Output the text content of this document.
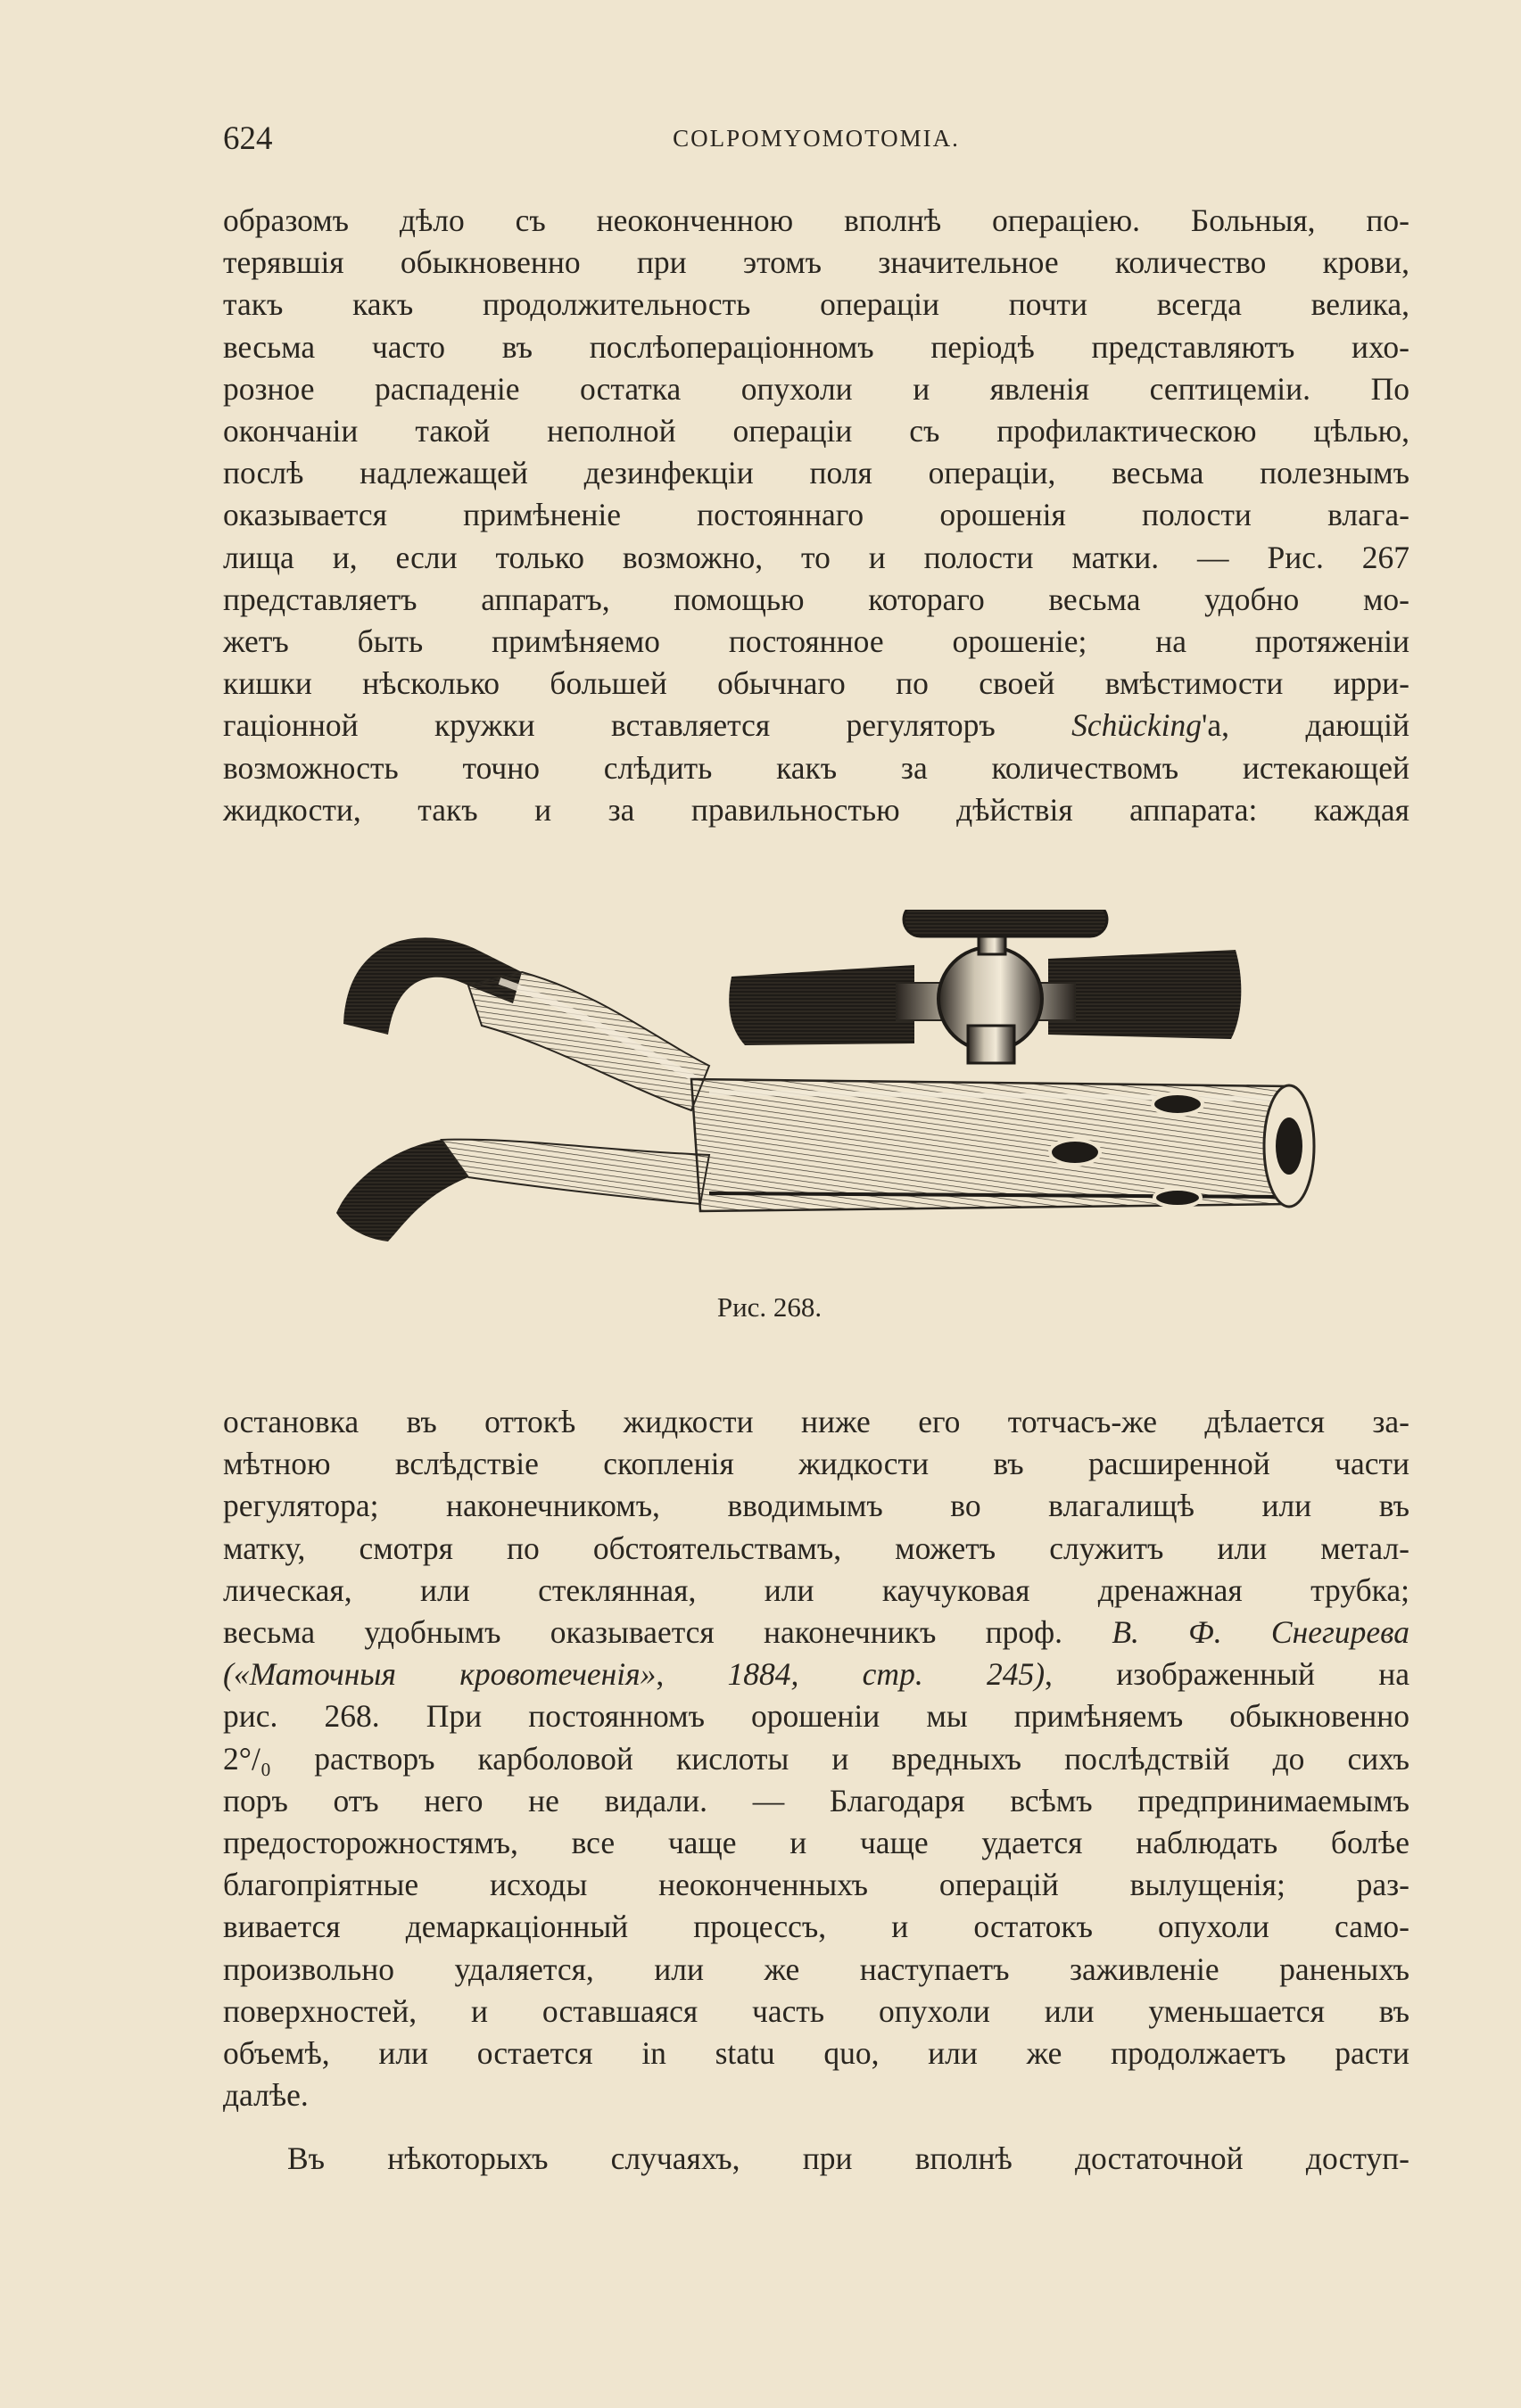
624	COLPOMYOMOTOMIA.

образомъ дѣло съ неоконченною вполнѣ операціею. Больныя, по-
терявшія обыкновенно при этомъ значительное количество крови,
такъ какъ продолжительность операціи почти всегда велика,
весьма часто въ послѣопераціонномъ періодѣ представляютъ ихо-
розное распаденіе остатка опухоли и явленія септицеміи. По
окончаніи такой неполной операціи съ профилактическою цѣлью,
послѣ надлежащей дезинфекціи поля операціи, весьма полезнымъ
оказывается примѣненіе постояннаго орошенія полости влага-
лища и, если только возможно, то и полости матки. — Рис. 267
представляетъ аппаратъ, помощью котораго весьма удобно мо-
жетъ быть примѣняемо постоянное орошеніе; на протяженіи
кишки нѣсколько большей обычнаго по своей вмѣстимости ирри-
гаціонной кружки вставляется регуляторъ Schücking'а, дающій
возможность точно слѣдить какъ за количествомъ истекающей
жидкости, такъ и за правильностью дѣйствія аппарата: каждая

Рис. 268.

остановка въ оттокѣ жидкости ниже его тотчасъ-же дѣлается за-
мѣтною вслѣдствіе скопленія жидкости въ расширенной части
регулятора; наконечникомъ, вводимымъ во влагалищѣ или въ
матку, смотря по обстоятельствамъ, можетъ служитъ или метал-
лическая, или стеклянная, или каучуковая дренажная трубка;
весьма удобнымъ оказывается наконечникъ проф. В. Ф. Снегирева
(«Маточныя кровотеченія», 1884, стр. 245), изображенный на
рис. 268. При постоянномъ орошеніи мы примѣняемъ обыкновенно
2°/₀ растворъ карболовой кислоты и вредныхъ послѣдствій до сихъ
поръ отъ него не видали. — Благодаря всѣмъ предпринимаемымъ
предосторожностямъ, все чаще и чаще удается наблюдать болѣе
благопріятные исходы неоконченныхъ операцій вылущенія; раз-
вивается демаркаціонный процессъ, и остатокъ опухоли само-
произвольно удаляется, или же наступаетъ заживленіе раненыхъ
поверхностей, и оставшаяся часть опухоли или уменьшается въ
объемѣ, или остается in statu quo, или же продолжаетъ расти
далѣе.

Въ нѣкоторыхъ случаяхъ, при вполнѣ достаточной доступ-
